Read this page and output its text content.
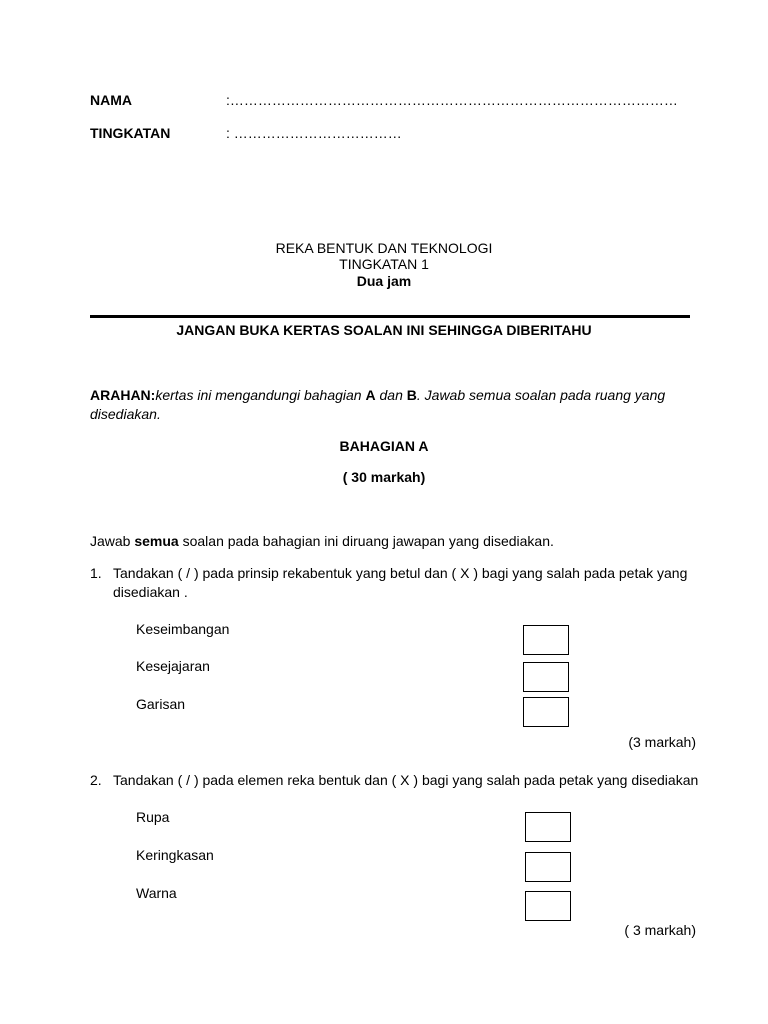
NAMA	:……………………………………………………………………………………
TINGKATAN	: ………………………………
REKA BENTUK DAN TEKNOLOGI
TINGKATAN 1
Dua jam
JANGAN BUKA KERTAS SOALAN INI SEHINGGA DIBERITAHU
ARAHAN:kertas ini mengandungi bahagian A dan B. Jawab semua soalan pada ruang yang
disediakan.
BAHAGIAN A
( 30 markah)
Jawab semua soalan pada bahagian ini diruang jawapan yang disediakan.
1. Tandakan ( / ) pada prinsip rekabentuk yang betul dan ( X ) bagi yang salah pada petak yang
disediakan .
Keseimbangan
Kesejajaran
Garisan
(3 markah)
2. Tandakan ( / ) pada elemen reka bentuk dan ( X ) bagi yang salah pada petak yang disediakan
Rupa
Keringkasan
Warna
( 3 markah)
